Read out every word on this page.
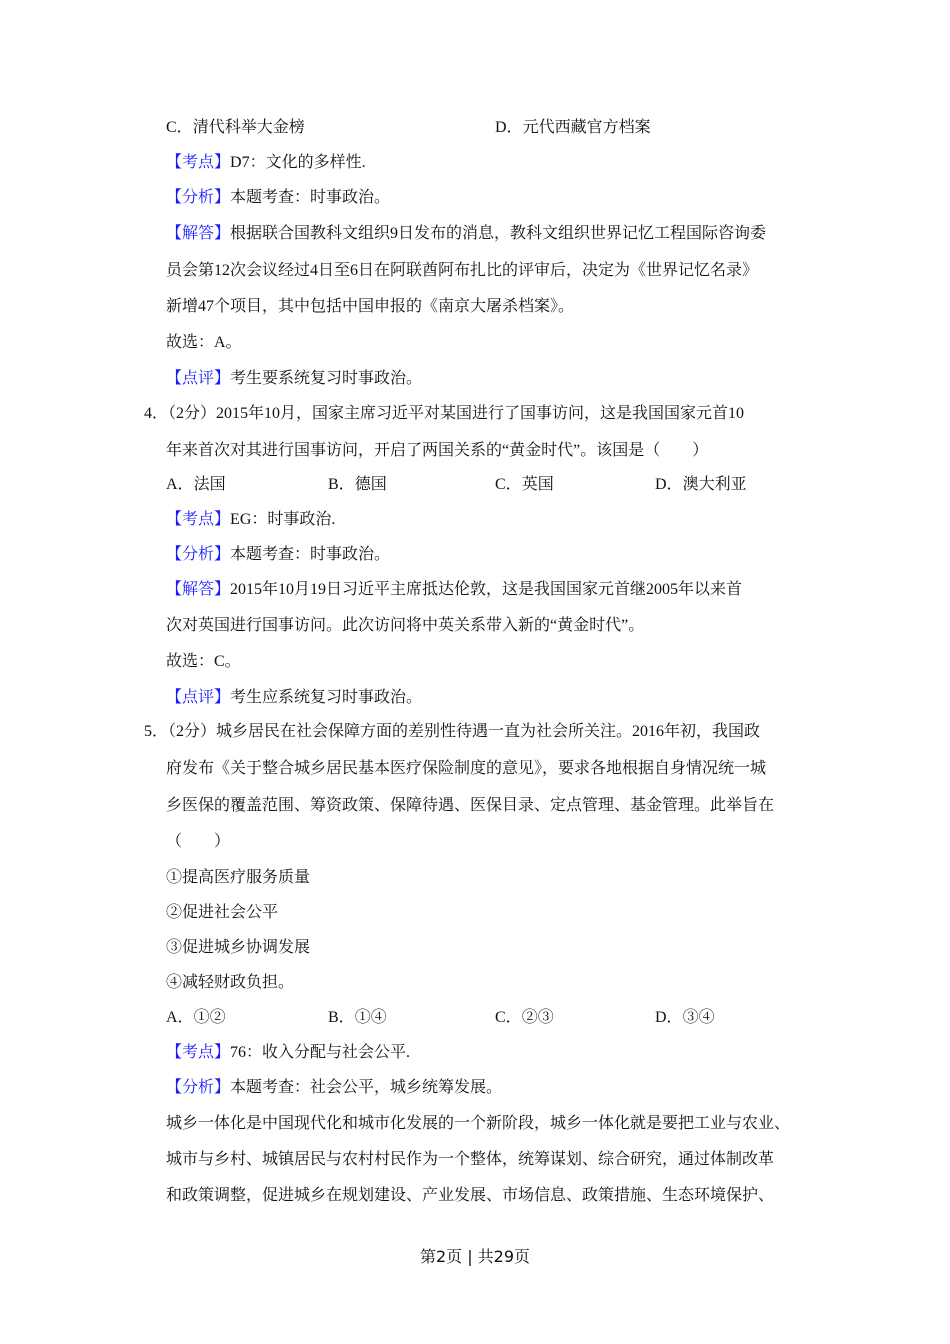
C．清代科举大金榜	D．元代西藏官方档案
【考点】D7：文化的多样性.
【分析】本题考查：时事政治。
【解答】根据联合国教科文组织9日发布的消息，教科文组织世界记忆工程国际咨询委
员会第12次会议经过4日至6日在阿联酋阿布扎比的评审后，决定为《世界记忆名录》
新增47个项目，其中包括中国申报的《南京大屠杀档案》。
故选：A。
【点评】考生要系统复习时事政治。
4．（2分）2015年10月，国家主席习近平对某国进行了国事访问，这是我国国家元首10
年来首次对其进行国事访问，开启了两国关系的“黄金时代”。该国是（　　）
A．法国	B．德国	C．英国	D．澳大利亚
【考点】EG：时事政治.
【分析】本题考查：时事政治。
【解答】2015年10月19日习近平主席抵达伦敦，这是我国国家元首继2005年以来首
次对英国进行国事访问。此次访问将中英关系带入新的“黄金时代”。
故选：C。
【点评】考生应系统复习时事政治。
5．（2分）城乡居民在社会保障方面的差别性待遇一直为社会所关注。2016年初，我国政
府发布《关于整合城乡居民基本医疗保险制度的意见》，要求各地根据自身情况统一城
乡医保的覆盖范围、筹资政策、保障待遇、医保目录、定点管理、基金管理。此举旨在
（　　）
①提高医疗服务质量
②促进社会公平
③促进城乡协调发展
④减轻财政负担。
A．①②	B．①④	C．②③	D．③④
【考点】76：收入分配与社会公平.
【分析】本题考查：社会公平，城乡统筹发展。
城乡一体化是中国现代化和城市化发展的一个新阶段，城乡一体化就是要把工业与农业、
城市与乡村、城镇居民与农村村民作为一个整体，统筹谋划、综合研究，通过体制改革
和政策调整，促进城乡在规划建设、产业发展、市场信息、政策措施、生态环境保护、
第2页 | 共29页
